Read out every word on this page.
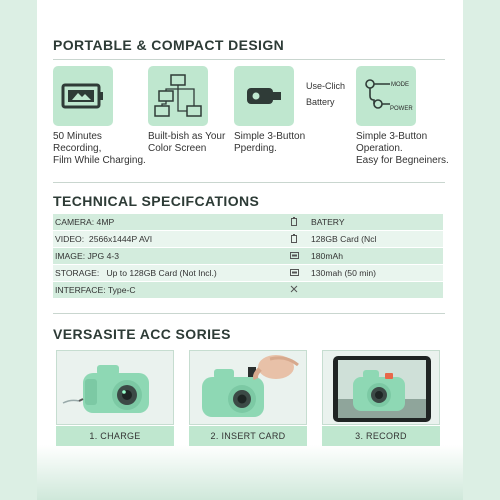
PORTABLE & COMPACT DESIGN
50 Minutes
Recording,
Film While Charging.
Built-bish as Your
Color Screen
Simple 3-Button
Pperding.
Use-Clich
Battery
MODE
POWER
Simple 3-Button
Operation.
Easy for Begneiners.
TECHNICAL SPECIFCATIONS
CAMERA: 4MP	BATERY
VIDEO: 2566x1444P AVI	128GB Card (Ncl
IMAGE: JPG 4-3	180mAh
STORAGE: Up to 128GB Card (Not Incl.)	130mah (50 min)
INTERFACE: Type-C
VERSASITE ACC SORIES
1. CHARGE	2. INSERT CARD	3. RECORD
